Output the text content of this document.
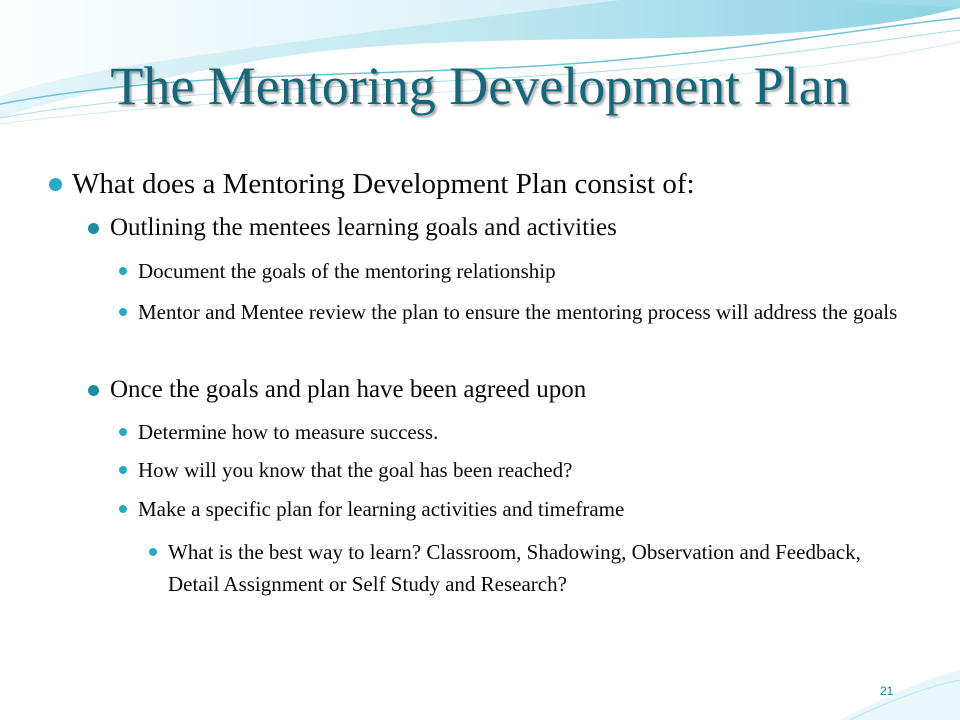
The Mentoring Development Plan

What does a Mentoring Development Plan consist of:

Outlining the mentees learning goals and activities

Document the goals of the mentoring relationship

Mentor and Mentee review the plan to ensure the mentoring process will address the goals

Once the goals and plan have been agreed upon

Determine how to measure success.

How will you know that the goal has been reached?

Make a specific plan for learning activities and timeframe

What is the best way to learn? Classroom, Shadowing, Observation and Feedback, Detail Assignment or Self Study and Research?

21
